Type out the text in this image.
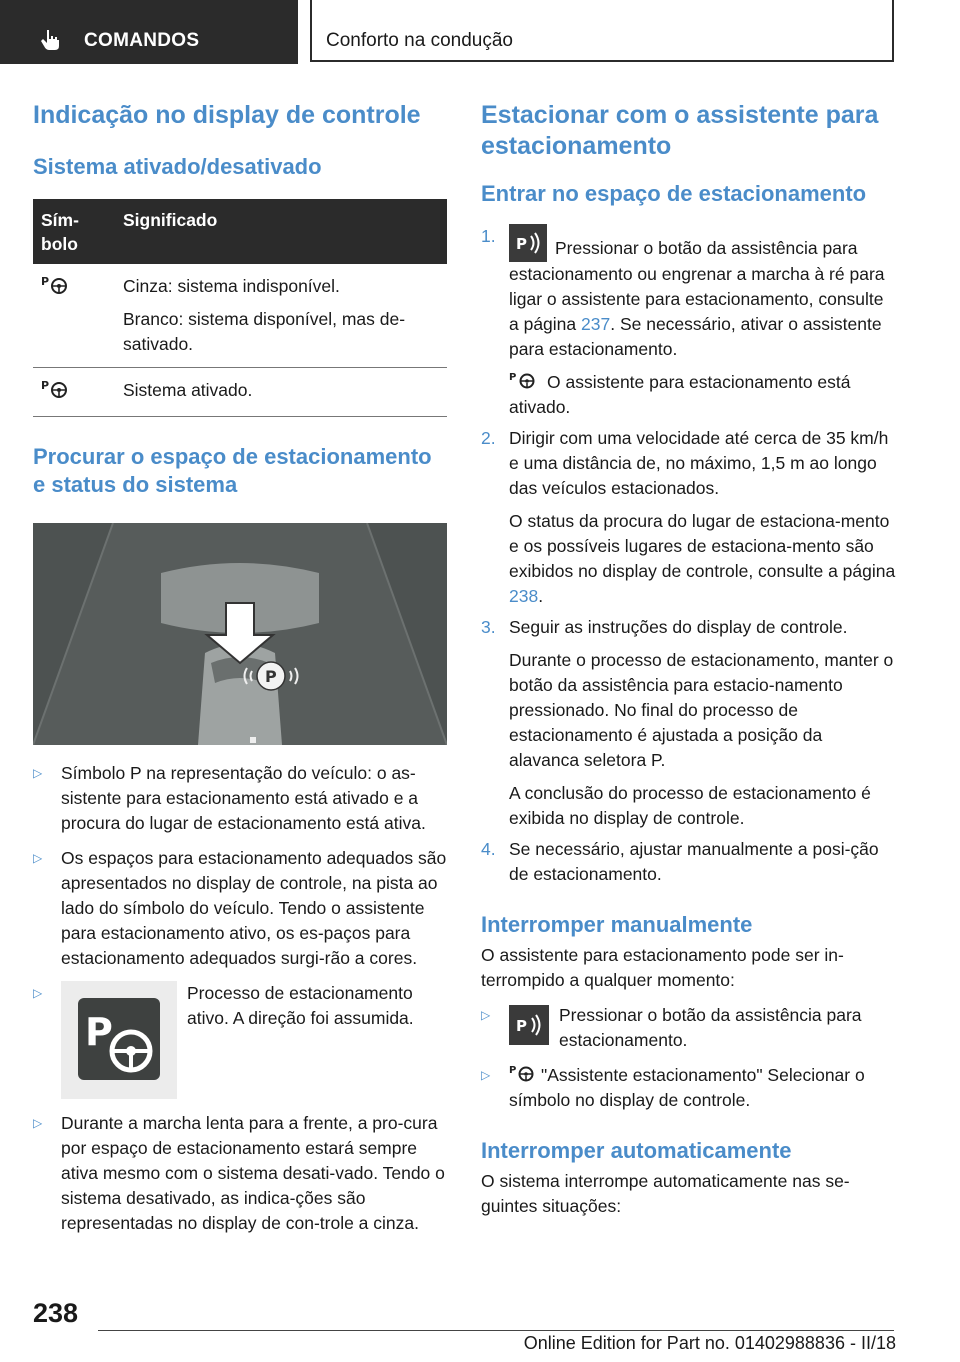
COMANDOS	Conforto na condução
Indicação no display de controle
Sistema ativado/desativado
Sím-
bolo	Significado

P	Cinza: sistema indisponível.

Branco: sistema disponível, mas de-sativado.

P	Sistema ativado.

Procurar o espaço de estacionamento e status do sistema
P
▷ Símbolo P na representação do veículo: o as-sistente para estacionamento está ativado e a procura do lugar de estacionamento está ativa.

▷ Os espaços para estacionamento adequados são apresentados no display de controle, na pista ao lado do símbolo do veículo. Tendo o assistente para estacionamento ativo, os es-paços para estacionamento adequados surgi-rão a cores.

▷
P

Processo de estacionamento ativo. A direção foi assumida.

▷ Durante a marcha lenta para a frente, a pro-cura por espaço de estacionamento estará sempre ativa mesmo com o sistema desati-vado. Tendo o sistema desativado, as indica-ções são representadas no display de con-trole a cinza.

Estacionar com o assistente para estacionamento
Entrar no espaço de estacionamento
1. P Pressionar o botão da assistência para estacionamento ou engrenar a marcha à ré para ligar o assistente para estacionamento, consulte a página 237. Se necessário, ativar o assistente para estacionamento.

P O assistente para estacionamento está ativado.

2. Dirigir com uma velocidade até cerca de 35 km/h e uma distância de, no máximo, 1,5 m ao longo das veículos estacionados.

O status da procura do lugar de estaciona-mento e os possíveis lugares de estaciona-mento são exibidos no display de controle, consulte a página 238.

3. Seguir as instruções do display de controle.

Durante o processo de estacionamento, manter o botão da assistência para estacio-namento pressionado. No final do processo de estacionamento é ajustada a posição da alavanca seletora P.

A conclusão do processo de estacionamento é exibida no display de controle.

4. Se necessário, ajustar manualmente a posi-ção de estacionamento.

Interromper manualmente

O assistente para estacionamento pode ser in-terrompido a qualquer momento:

▷
P

Pressionar o botão da assistência para estacionamento.

▷ P "Assistente estacionamento" Selecionar o símbolo no display de controle.

Interromper automaticamente

O sistema interrompe automaticamente nas se-guintes situações:

238
Online Edition for Part no. 01402988836 - II/18
